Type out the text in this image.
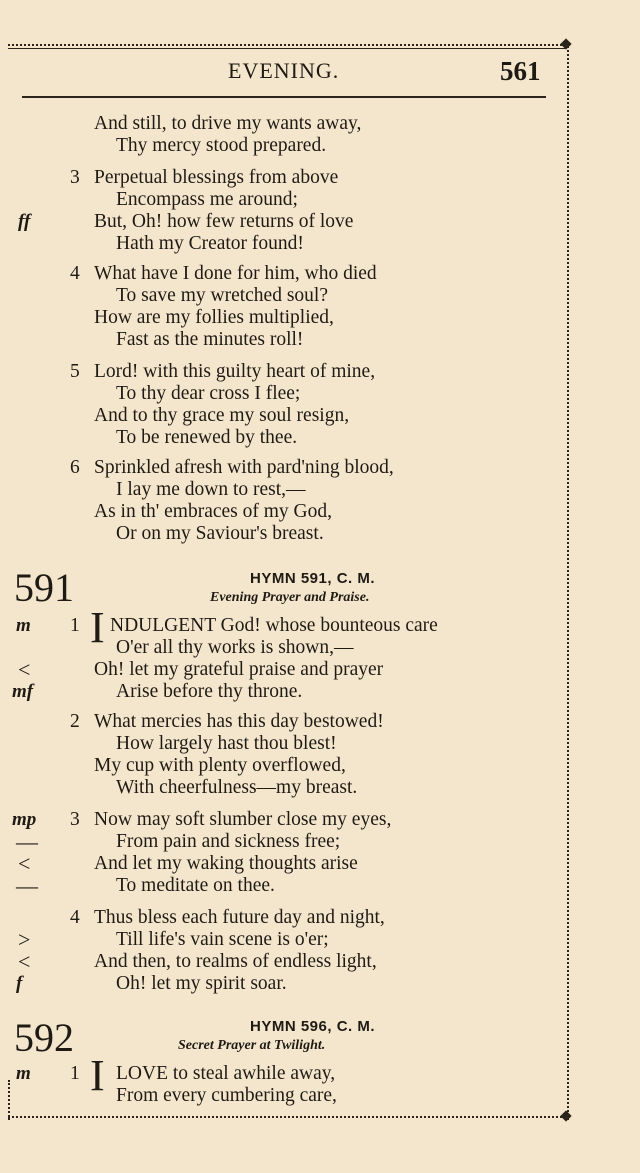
EVENING.	561
And still, to drive my wants away,
Thy mercy stood prepared.
3 Perpetual blessings from above
Encompass me around;
ff	But, Oh! how few returns of love
Hath my Creator found!
4 What have I done for him, who died
To save my wretched soul?
How are my follies multiplied,
Fast as the minutes roll!
5 Lord! with this guilty heart of mine,
To thy dear cross I flee;
And to thy grace my soul resign,
To be renewed by thee.
6 Sprinkled afresh with pard'ning blood,
I lay me down to rest,—
As in th' embraces of my God,
Or on my Saviour's breast.
591	HYMN 591, C. M.
Evening Prayer and Praise.
m 1 I NDULGENT God! whose bounteous care
O'er all thy works is shown,—
<	Oh! let my grateful praise and prayer
mf	Arise before thy throne.
2 What mercies has this day bestowed!
How largely hast thou blest!
My cup with plenty overflowed,
With cheerfulness—my breast.
mp 3 Now may soft slumber close my eyes,
—	From pain and sickness free;
<	And let my waking thoughts arise
—	To meditate on thee.
4 Thus bless each future day and night,
>	Till life's vain scene is o'er;
<	And then, to realms of endless light,
f	Oh! let my spirit soar.
592	HYMN 596, C. M.
Secret Prayer at Twilight.
m 1 I LOVE to steal awhile away,
From every cumbering care,
